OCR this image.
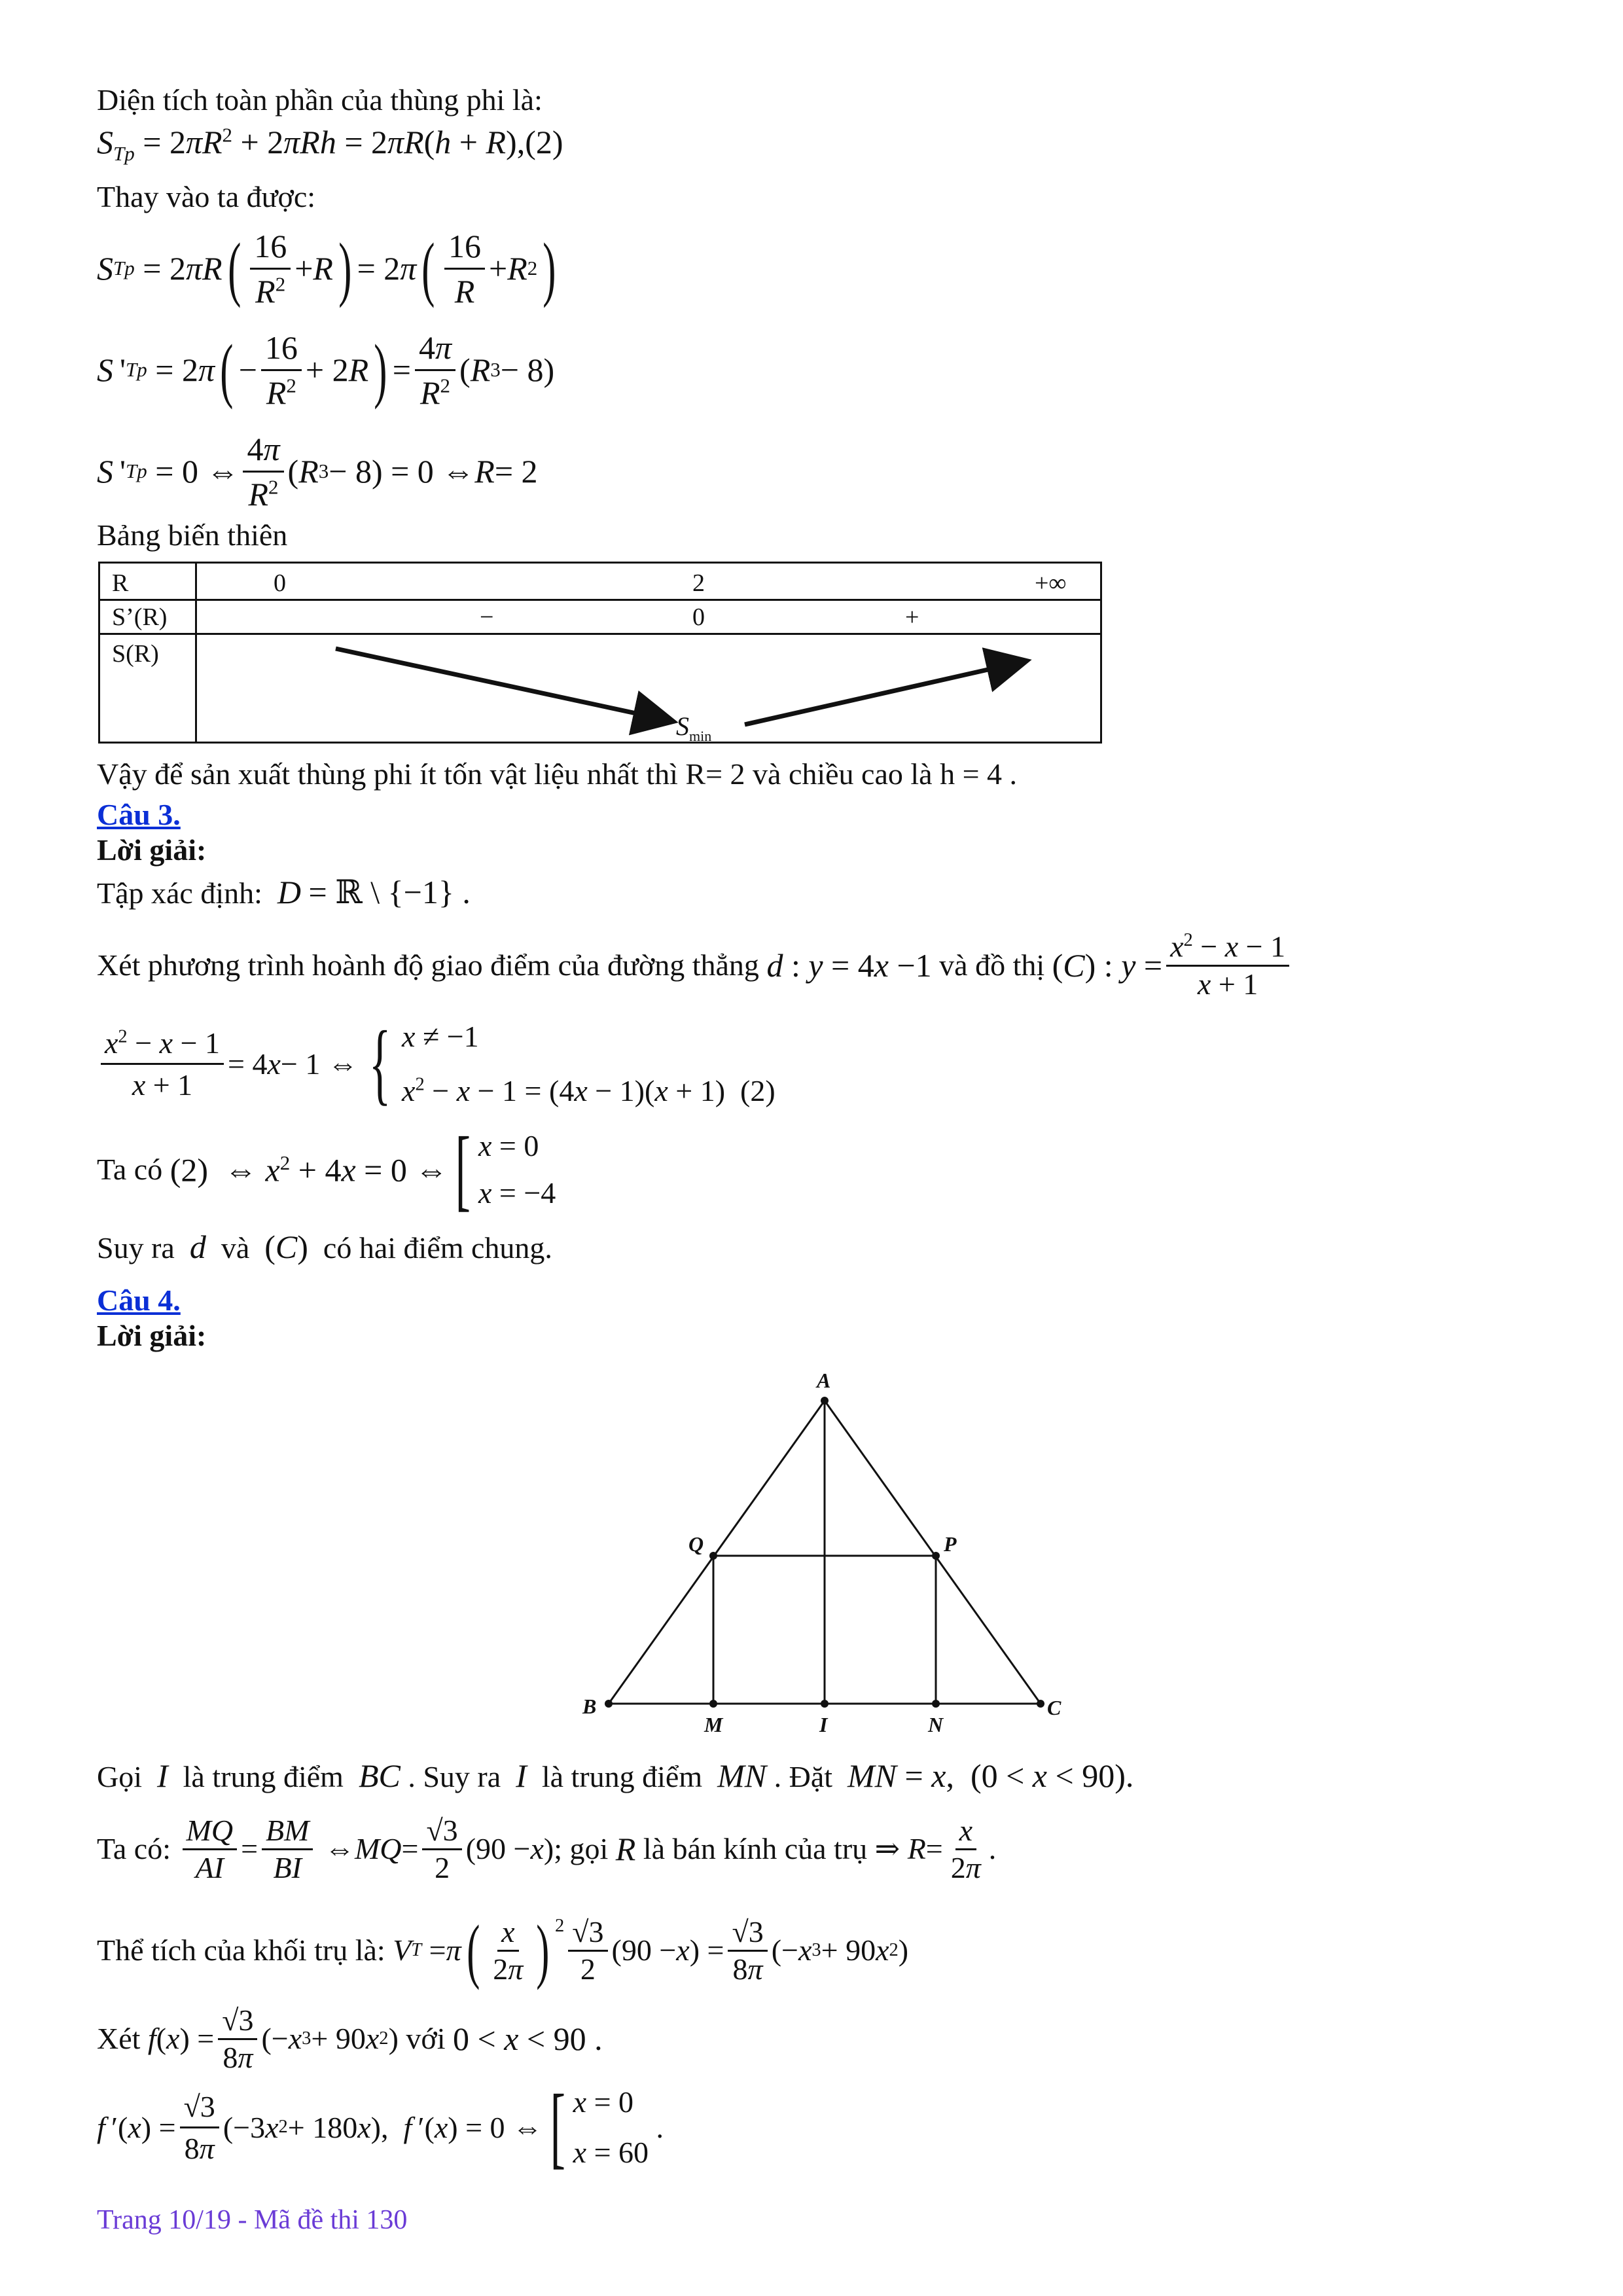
Diện tích toàn phần của thùng phi là:
$S_{Tp} = 2\pi R^2 + 2\pi Rh = 2\pi R(h + R),(2)$
Thay vào ta được:
S Tp = 2 πR ( $\frac{16}{R^2} + R$ ) = 2 π ( $\frac{16}{R} + R$ 2 )
S  ' Tp = 2 π ( − $\frac{16}{R^2} + 2$ R ) = $\frac{4\pi}{R^2}$ ( R 3 − 8)
S  ' Tp = 0 ⇔ $\frac{4\pi}{R^2}$ ( R 3 − 8) = 0 ⇔ R = 2
Bảng biến thiên
R	0	2	+∞
S’(R)	−	0	+
S(R)
$S_{min}$
Vậy để sản xuất thùng phi ít tốn vật liệu nhất thì R= 2 và chiều cao là h = 4 .
Câu 3.
Lời giải:
Tập xác định: D = ℝ \ {−1} .
Xét phương trình hoành độ giao điểm của đường thẳng
d : y = 4x −1
và đồ thị
(C) : $y = \frac{x^2 - x - 1}{x + 1}$
$\frac{x^2 - x - 1}{x + 1} = 4$ x − 1 ⇔ { x ≠ −1
$x^2 - x - 1 = (4x - 1)(x + 1)$  (2)
Ta có
(2)  ⇔ $x^2 + 4x = 0$ ⇔ [ x = 0
x = −4
Suy ra d và (C) có hai điểm chung.
Câu 4.
Lời giải:
A
Q	P
B
M	I	N
C
Gọi I là trung điểm BC . Suy ra I là trung điểm MN . Đặt MN = x,  (0 < x < 90).
Ta có:
$\frac{MQ}{AI} = \frac{BM}{BI}$ ⇔ MQ = $\frac{√3}{2} (90 - x$ ) ; gọi
R
là bán kính của trụ
⇒ $R = \frac{x}{2\pi}$ .
Thể tích của khối trụ là:
V T = π ( $\frac{x}{2\pi}$ ) $^2 \frac{√3}{2} (90 - x$ ) = $\frac{√3}{8\pi}$ (− x 3 + 90 x 2 )
Xét
f ( x ) = $\frac{√3}{8\pi}$ (− x 3 + 90 x 2 )
với
0 < x < 90 .
f  ′( x ) = $\frac{√3}{8\pi} (-3$ x 2 + 180 x ), f  ′( x ) = 0 ⇔ [ x = 0
x = 60
.
Trang 10/19 - Mã đề thi 130
